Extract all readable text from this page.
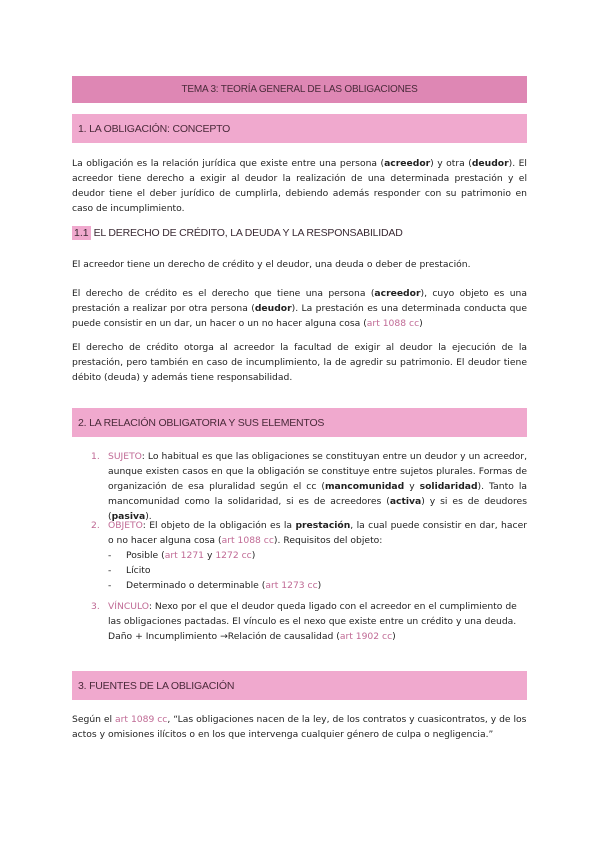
TEMA 3: TEORÍA GENERAL DE LAS OBLIGACIONES
1. LA OBLIGACIÓN: CONCEPTO

La obligación es la relación jurídica que existe entre una persona (acreedor) y otra (deudor). El acreedor tiene derecho a exigir al deudor la realización de una determinada prestación y el deudor tiene el deber jurídico de cumplirla, debiendo además responder con su patrimonio en caso de incumplimiento.

1.1 EL DERECHO DE CRÉDITO, LA DEUDA Y LA RESPONSABILIDAD

El acreedor tiene un derecho de crédito y el deudor, una deuda o deber de prestación.

El derecho de crédito es el derecho que tiene una persona (acreedor), cuyo objeto es una prestación a realizar por otra persona (deudor). La prestación es una determinada conducta que puede consistir en un dar, un hacer o un no hacer alguna cosa (art 1088 cc)

El derecho de crédito otorga al acreedor la facultad de exigir al deudor la ejecución de la prestación, pero también en caso de incumplimiento, la de agredir su patrimonio. El deudor tiene débito (deuda) y además tiene responsabilidad.

2. LA RELACIÓN OBLIGATORIA Y SUS ELEMENTOS
1. SUJETO: Lo habitual es que las obligaciones se constituyan entre un deudor y un acreedor, aunque existen casos en que la obligación se constituye entre sujetos plurales. Formas de organización de esa pluralidad según el cc (mancomunidad y solidaridad). Tanto la mancomunidad como la solidaridad, si es de acreedores (activa) y si es de deudores (pasiva).
2. OBJETO: El objeto de la obligación es la prestación, la cual puede consistir en dar, hacer o no hacer alguna cosa (art 1088 cc). Requisitos del objeto:
- Posible (art 1271 y 1272 cc)
- Lícito
- Determinado o determinable (art 1273 cc)
3. VÍNCULO: Nexo por el que el deudor queda ligado con el acreedor en el cumplimiento de las obligaciones pactadas. El vínculo es el nexo que existe entre un crédito y una deuda.
Daño + Incumplimiento →Relación de causalidad (art 1902 cc)
3. FUENTES DE LA OBLIGACIÓN

Según el art 1089 cc, “Las obligaciones nacen de la ley, de los contratos y cuasicontratos, y de los actos y omisiones ilícitos o en los que intervenga cualquier género de culpa o negligencia.”
